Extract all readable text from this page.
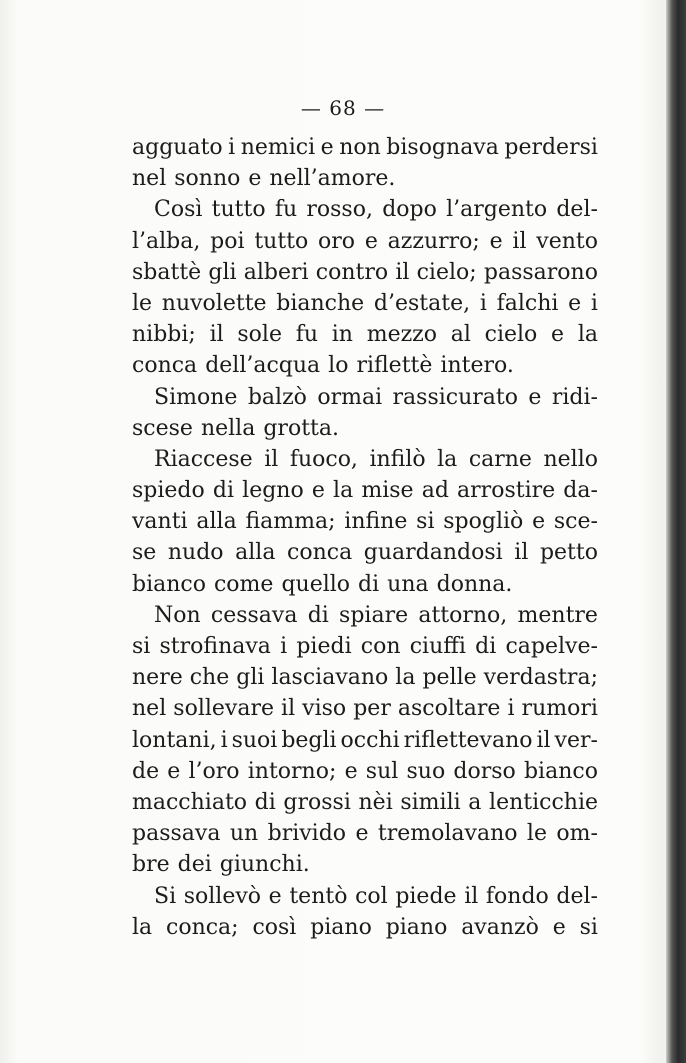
— 68 —
agguato i nemici e non bisognava perdersi
nel sonno e nell’amore.
Così tutto fu rosso, dopo l’argento del-
l’alba, poi tutto oro e azzurro; e il vento
sbattè gli alberi contro il cielo; passarono
le nuvolette bianche d’estate, i falchi e i
nibbi; il sole fu in mezzo al cielo e la
conca dell’acqua lo riflettè intero.
Simone balzò ormai rassicurato e ridi-
scese nella grotta.
Riaccese il fuoco, infilò la carne nello
spiedo di legno e la mise ad arrostire da-
vanti alla fiamma; infine si spogliò e sce-
se nudo alla conca guardandosi il petto
bianco come quello di una donna.
Non cessava di spiare attorno, mentre
si strofinava i piedi con ciuffi di capelve-
nere che gli lasciavano la pelle verdastra;
nel sollevare il viso per ascoltare i rumori
lontani, i suoi begli occhi riflettevano il ver-
de e l’oro intorno; e sul suo dorso bianco
macchiato di grossi nèi simili a lenticchie
passava un brivido e tremolavano le om-
bre dei giunchi.
Si sollevò e tentò col piede il fondo del-
la conca; così piano piano avanzò e si
